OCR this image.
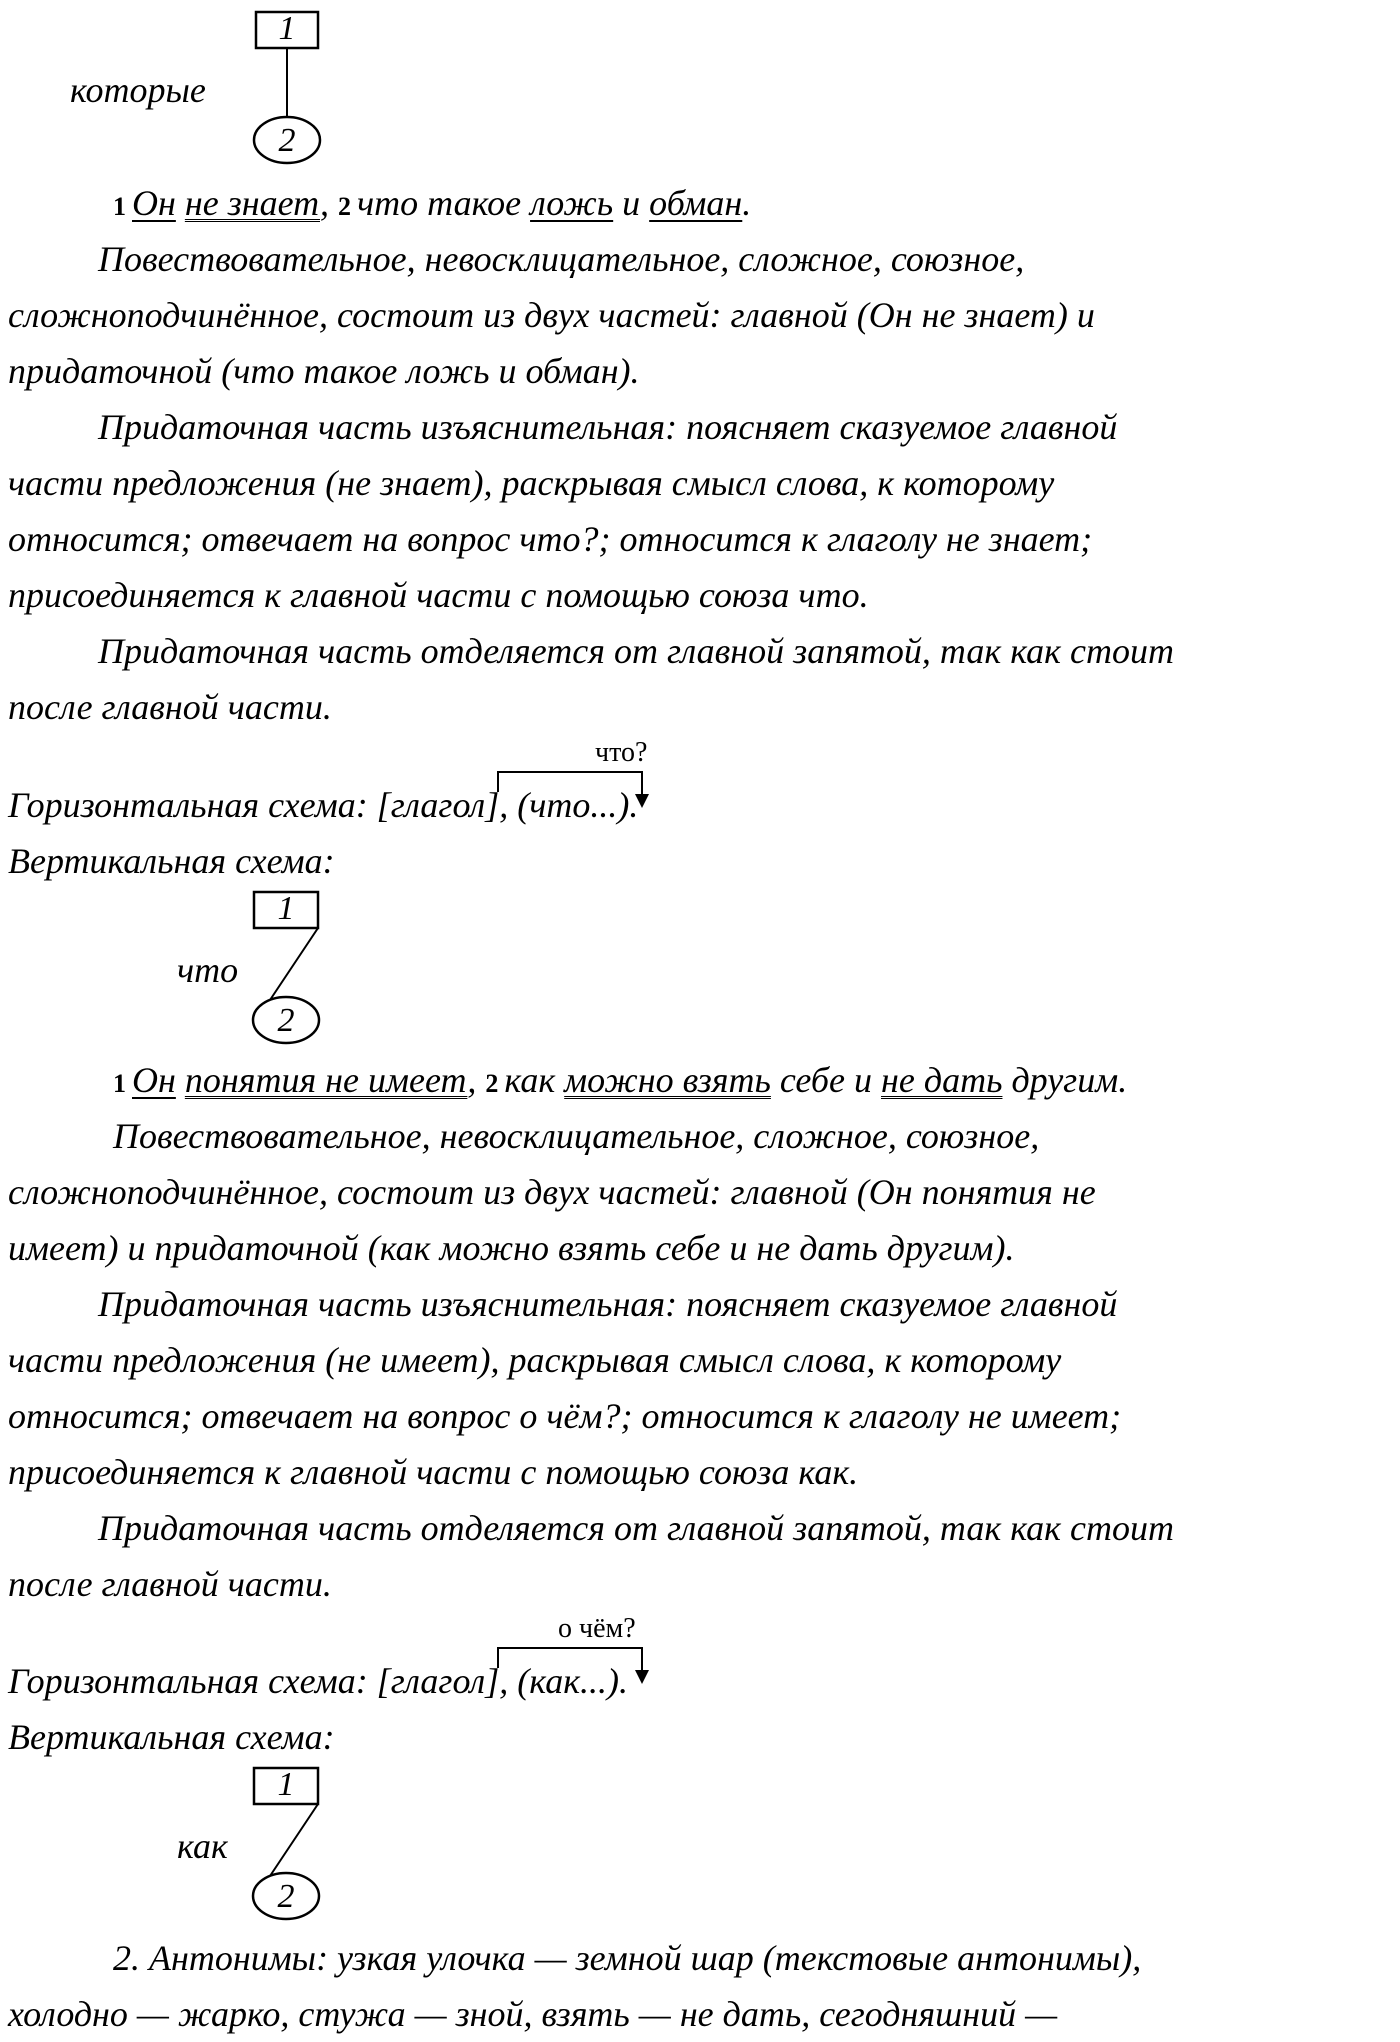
1
2
которые
1 Он не знает, 2 что такое ложь и обман.
Повествовательное, невосклицательное, сложное, союзное,
сложноподчинённое, состоит из двух частей: главной (Он не знает) и
придаточной (что такое ложь и обман).
Придаточная часть изъяснительная: поясняет сказуемое главной
части предложения (не знает), раскрывая смысл слова, к которому
относится; отвечает на вопрос что?; относится к глаголу не знает;
присоединяется к главной части с помощью союза что.
Придаточная часть отделяется от главной запятой, так как стоит
после главной части.
что?
Горизонтальная схема: [глагол], (что...).
Вертикальная схема:
1
2
что
1 Он понятия не имеет, 2 как можно взять себе и не дать другим.
Повествовательное, невосклицательное, сложное, союзное,
сложноподчинённое, состоит из двух частей: главной (Он понятия не
имеет) и придаточной (как можно взять себе и не дать другим).
Придаточная часть изъяснительная: поясняет сказуемое главной
части предложения (не имеет), раскрывая смысл слова, к которому
относится; отвечает на вопрос о чём?; относится к глаголу не имеет;
присоединяется к главной части с помощью союза как.
Придаточная часть отделяется от главной запятой, так как стоит
после главной части.
о чём?
Горизонтальная схема: [глагол], (как...).
Вертикальная схема:
1
2
как
2. Антонимы: узкая улочка — земной шар (текстовые антонимы),
холодно — жарко, стужа — зной, взять — не дать, сегодняшний —
